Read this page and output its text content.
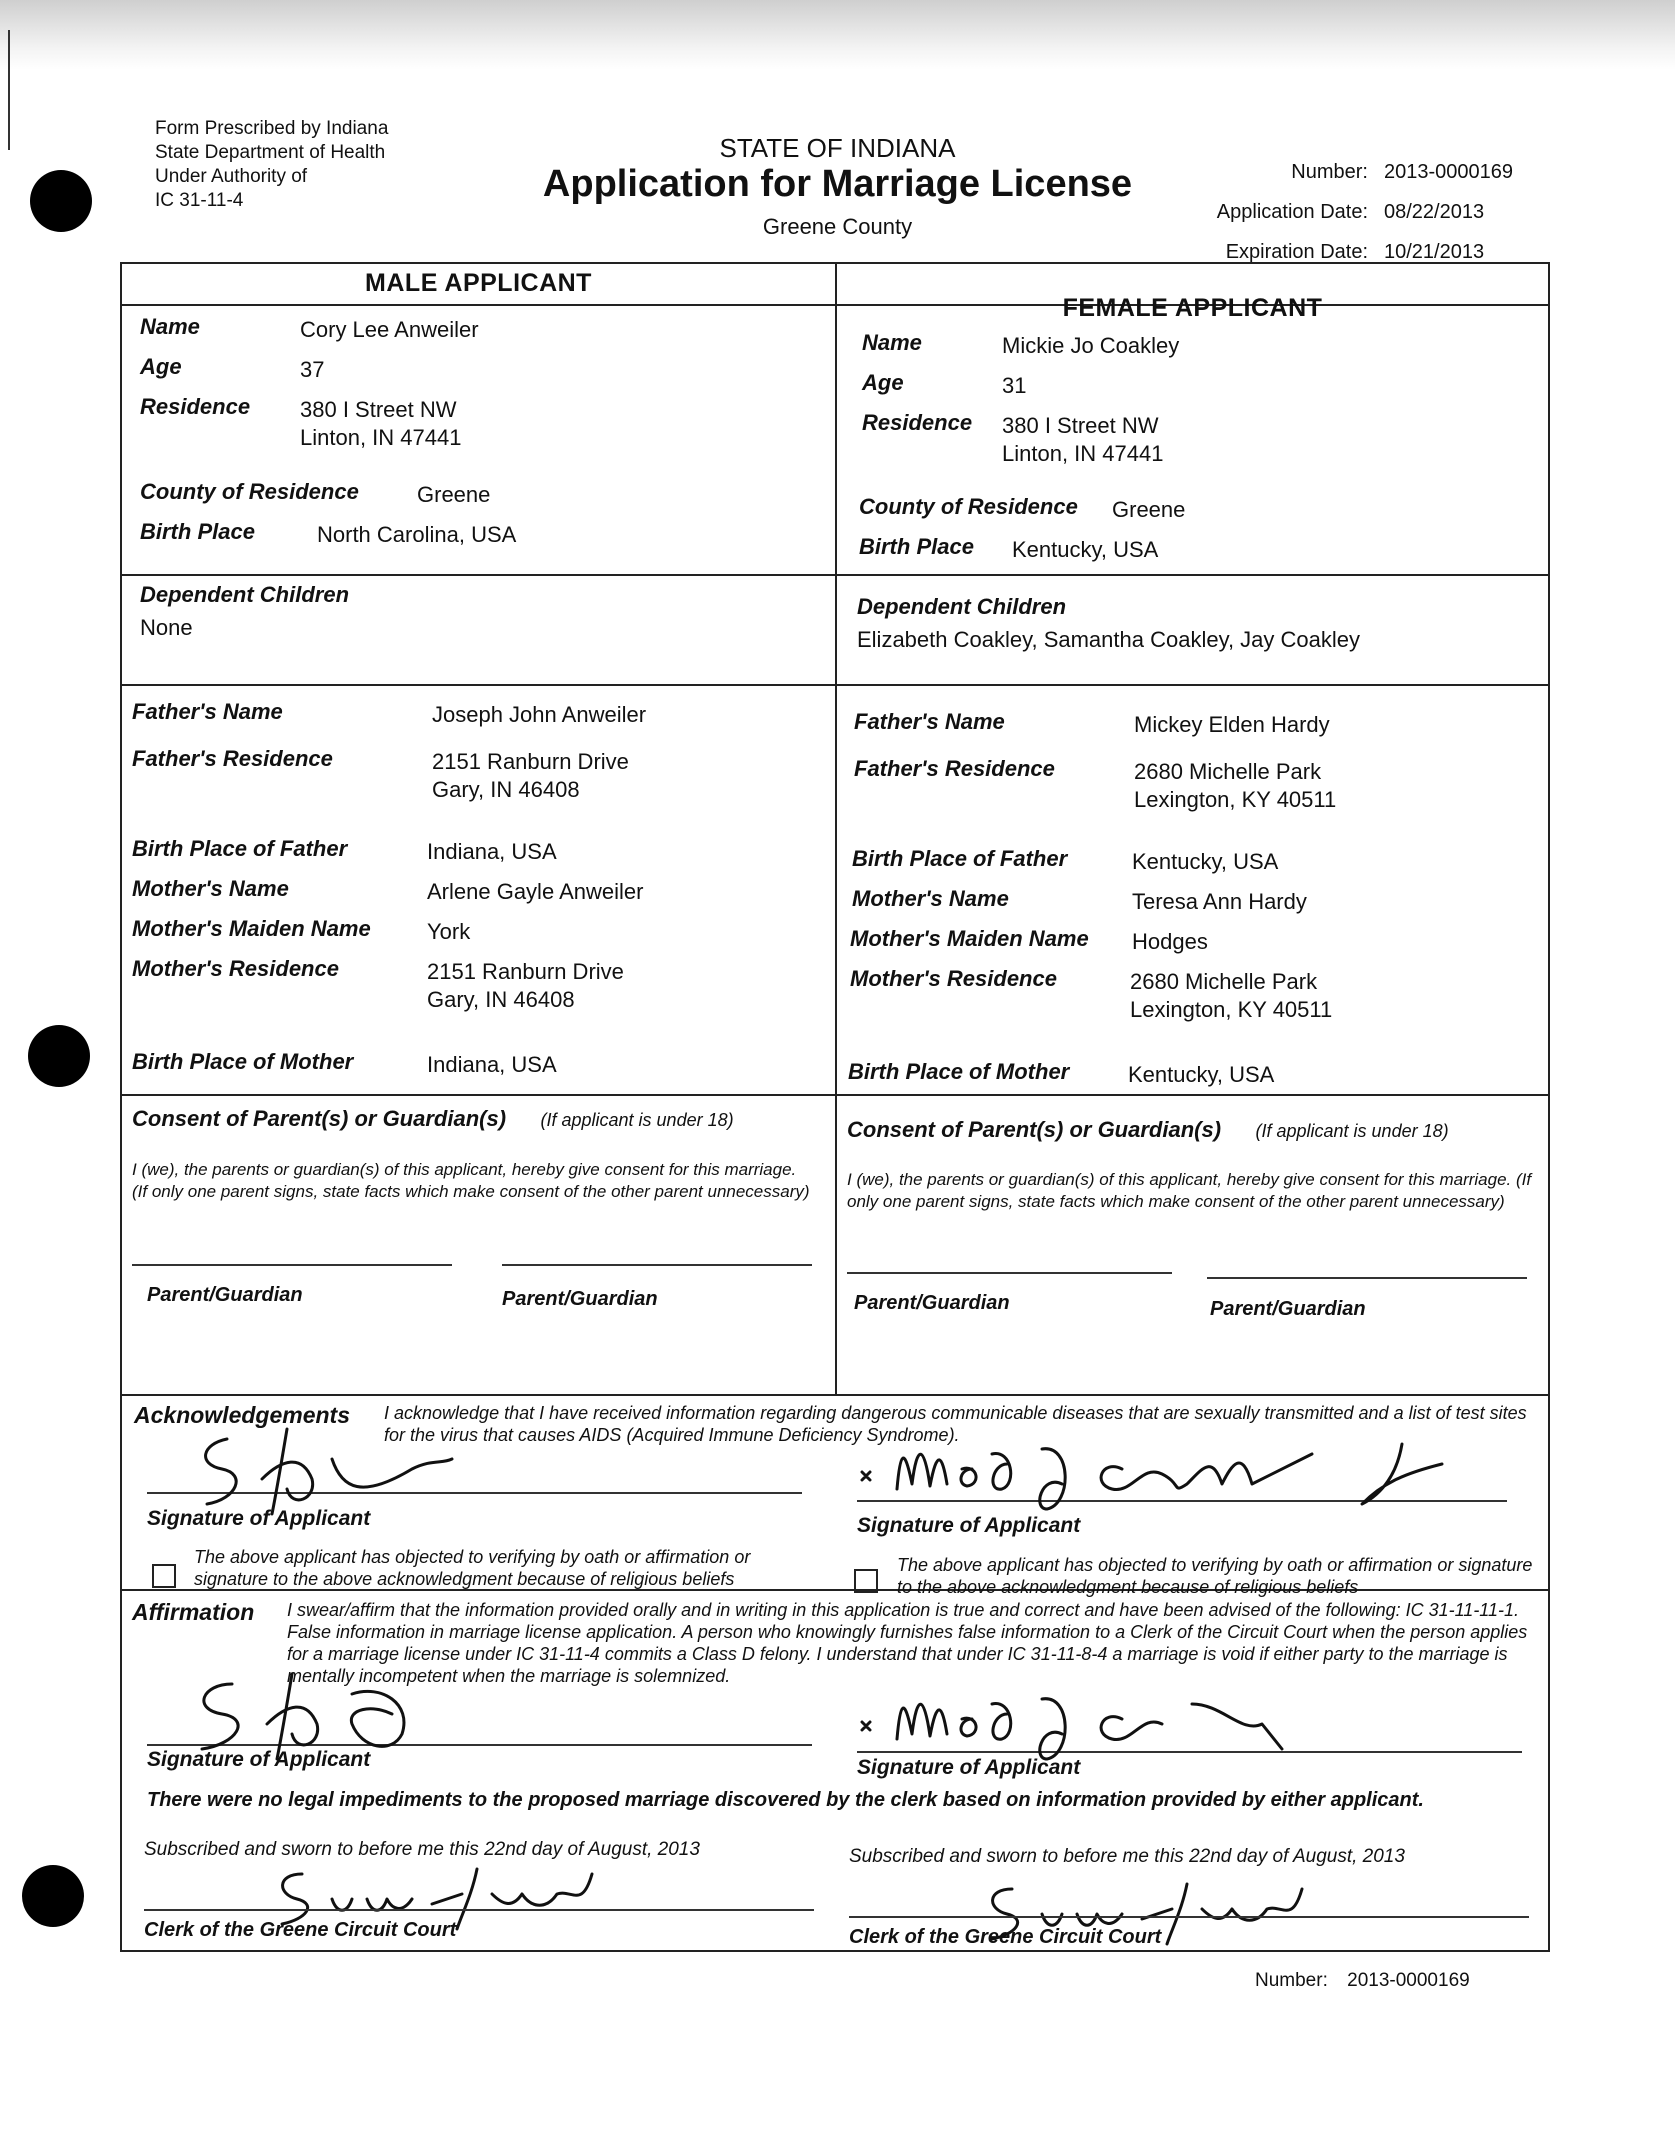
Form Prescribed by Indiana
State Department of Health
Under Authority of
IC 31-11-4
STATE OF INDIANA
Application for Marriage License
Greene County
Number: 2013-0000169
Application Date: 08/22/2013
Expiration Date: 10/21/2013
MALE APPLICANT
Name	Cory Lee Anweiler
Age	37
Residence 380 I Street NW
Linton, IN 47441
County of Residence	Greene
Birth Place	North Carolina, USA
Dependent Children
None
Father's Name	Joseph John Anweiler
Father's Residence	2151 Ranburn Drive
Gary, IN 46408
Birth Place of Father	Indiana, USA
Mother's Name	Arlene Gayle Anweiler
Mother's Maiden Name	York
Mother's Residence	2151 Ranburn Drive
Gary, IN 46408
Birth Place of Mother	Indiana, USA
Consent of Parent(s) or Guardian(s) (If applicant is under 18)
I (we), the parents or guardian(s) of this applicant, hereby give consent for this marriage. (If only one parent signs, state facts which make consent of the other parent unnecessary)
Parent/Guardian	Parent/Guardian
FEMALE APPLICANT
Name	Mickie Jo Coakley
Age	31
Residence 380 I Street NW
Linton, IN 47441
County of Residence Greene
Birth Place Kentucky, USA
Dependent Children
Elizabeth Coakley, Samantha Coakley, Jay Coakley
Father's Name	Mickey Elden Hardy
Father's Residence	2680 Michelle Park
Lexington, KY 40511
Birth Place of Father	Kentucky, USA
Mother's Name	Teresa Ann Hardy
Mother's Maiden Name Hodges
Mother's Residence	2680 Michelle Park
Lexington, KY 40511
Birth Place of Mother	Kentucky, USA
Consent of Parent(s) or Guardian(s) (If applicant is under 18)
I (we), the parents or guardian(s) of this applicant, hereby give consent for this marriage. (If only one parent signs, state facts which make consent of the other parent unnecessary)
Parent/Guardian	Parent/Guardian
Acknowledgements I acknowledge that I have received information regarding dangerous communicable diseases that are sexually transmitted and a list of test sites for the virus that causes AIDS (Acquired Immune Deficiency Syndrome).
Signature of Applicant	Signature of Applicant
The above applicant has objected to verifying by oath or affirmation or signature to the above acknowledgment because of religious beliefs
The above applicant has objected to verifying by oath or affirmation or signature to the above acknowledgment because of religious beliefs
Affirmation I swear/affirm that the information provided orally and in writing in this application is true and correct and have been advised of the following: IC 31-11-11-1. False information in marriage license application. A person who knowingly furnishes false information to a Clerk of the Circuit Court when the person applies for a marriage license under IC 31-11-4 commits a Class D felony. I understand that under IC 31-11-8-4 a marriage is void if either party to the marriage is mentally incompetent when the marriage is solemnized.
Signature of Applicant	Signature of Applicant
There were no legal impediments to the proposed marriage discovered by the clerk based on information provided by either applicant.
Subscribed and sworn to before me this 22nd day of August, 2013	Subscribed and sworn to before me this 22nd day of August, 2013
Clerk of the Greene Circuit Court	Clerk of the Greene Circuit Court
Number: 2013-0000169
